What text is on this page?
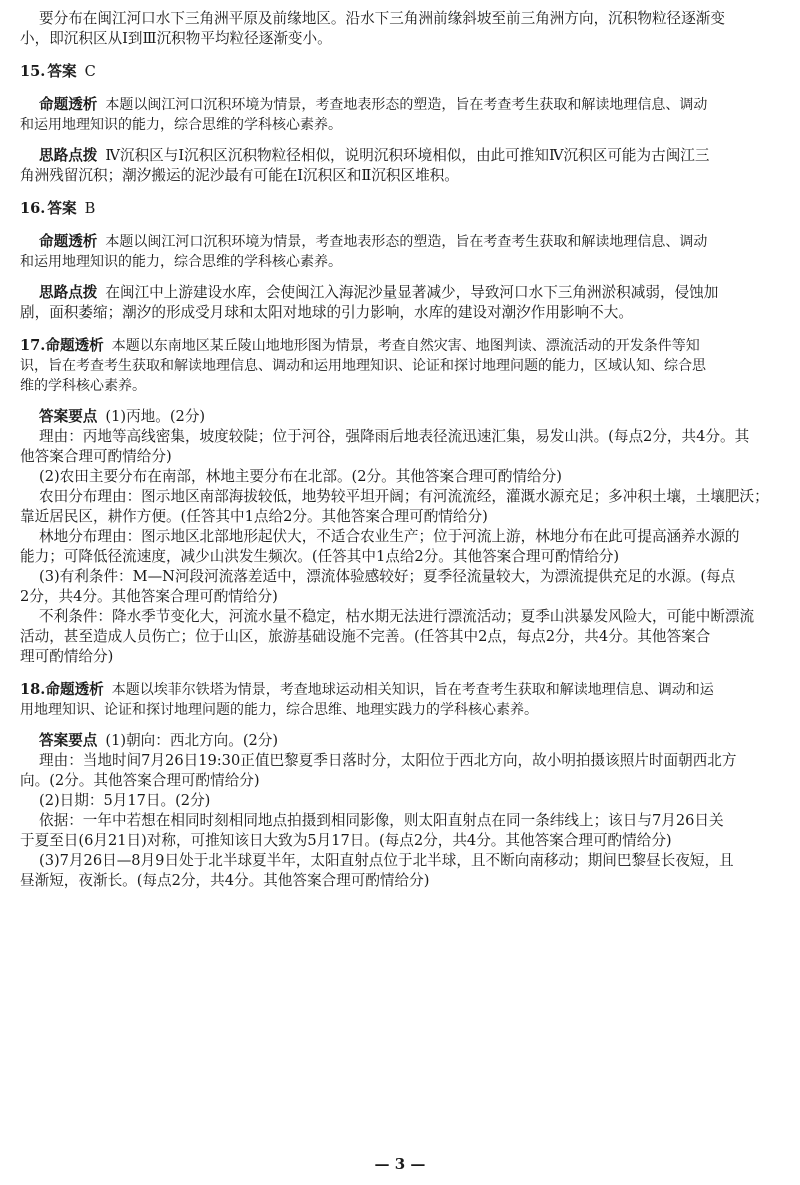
要分布在闽江河口水下三角洲平原及前缘地区。沿水下三角洲前缘斜坡至前三角洲方向，沉积物粒径逐渐变

小，即沉积区从Ⅰ到Ⅲ沉积物平均粒径逐渐变小。

15. 答案 C

命题透析 本题以闽江河口沉积环境为情景，考查地表形态的塑造，旨在考查考生获取和解读地理信息、调动

和运用地理知识的能力，综合思维的学科核心素养。

思路点拨 Ⅳ沉积区与Ⅰ沉积区沉积物粒径相似，说明沉积环境相似，由此可推知Ⅳ沉积区可能为古闽江三

角洲残留沉积；潮汐搬运的泥沙最有可能在Ⅰ沉积区和Ⅱ沉积区堆积。

16. 答案 B

命题透析 本题以闽江河口沉积环境为情景，考查地表形态的塑造，旨在考查考生获取和解读地理信息、调动

和运用地理知识的能力，综合思维的学科核心素养。

思路点拨 在闽江中上游建设水库，会使闽江入海泥沙量显著减少，导致河口水下三角洲淤积减弱，侵蚀加

剧，面积萎缩；潮汐的形成受月球和太阳对地球的引力影响，水库的建设对潮汐作用影响不大。

17.命题透析 本题以东南地区某丘陵山地地形图为情景，考查自然灾害、地图判读、漂流活动的开发条件等知

识，旨在考查考生获取和解读地理信息、调动和运用地理知识、论证和探讨地理问题的能力，区域认知、综合思

维的学科核心素养。

答案要点 (1)丙地。(2分)

理由：丙地等高线密集，坡度较陡；位于河谷，强降雨后地表径流迅速汇集，易发山洪。(每点2分，共4分。其

他答案合理可酌情给分)

(2)农田主要分布在南部，林地主要分布在北部。(2分。其他答案合理可酌情给分)

农田分布理由：图示地区南部海拔较低，地势较平坦开阔；有河流流经，灌溉水源充足；多冲积土壤，土壤肥沃；

靠近居民区，耕作方便。(任答其中1点给2分。其他答案合理可酌情给分)

林地分布理由：图示地区北部地形起伏大，不适合农业生产；位于河流上游，林地分布在此可提高涵养水源的

能力；可降低径流速度，减少山洪发生频次。(任答其中1点给2分。其他答案合理可酌情给分)

(3)有利条件：M—N河段河流落差适中，漂流体验感较好；夏季径流量较大，为漂流提供充足的水源。(每点

2分，共4分。其他答案合理可酌情给分)

不利条件：降水季节变化大，河流水量不稳定，枯水期无法进行漂流活动；夏季山洪暴发风险大，可能中断漂流

活动，甚至造成人员伤亡；位于山区，旅游基础设施不完善。(任答其中2点，每点2分，共4分。其他答案合

理可酌情给分)

18.命题透析 本题以埃菲尔铁塔为情景，考查地球运动相关知识，旨在考查考生获取和解读地理信息、调动和运

用地理知识、论证和探讨地理问题的能力，综合思维、地理实践力的学科核心素养。

答案要点 (1)朝向：西北方向。(2分)

理由：当地时间7月26日19:30正值巴黎夏季日落时分，太阳位于西北方向，故小明拍摄该照片时面朝西北方

向。(2分。其他答案合理可酌情给分)

(2)日期：5月17日。(2分)

依据：一年中若想在相同时刻相同地点拍摄到相同影像，则太阳直射点在同一条纬线上；该日与7月26日关

于夏至日(6月21日)对称，可推知该日大致为5月17日。(每点2分，共4分。其他答案合理可酌情给分)

(3)7月26日—8月9日处于北半球夏半年，太阳直射点位于北半球，且不断向南移动；期间巴黎昼长夜短，且

昼渐短，夜渐长。(每点2分，共4分。其他答案合理可酌情给分)

— 3 —
